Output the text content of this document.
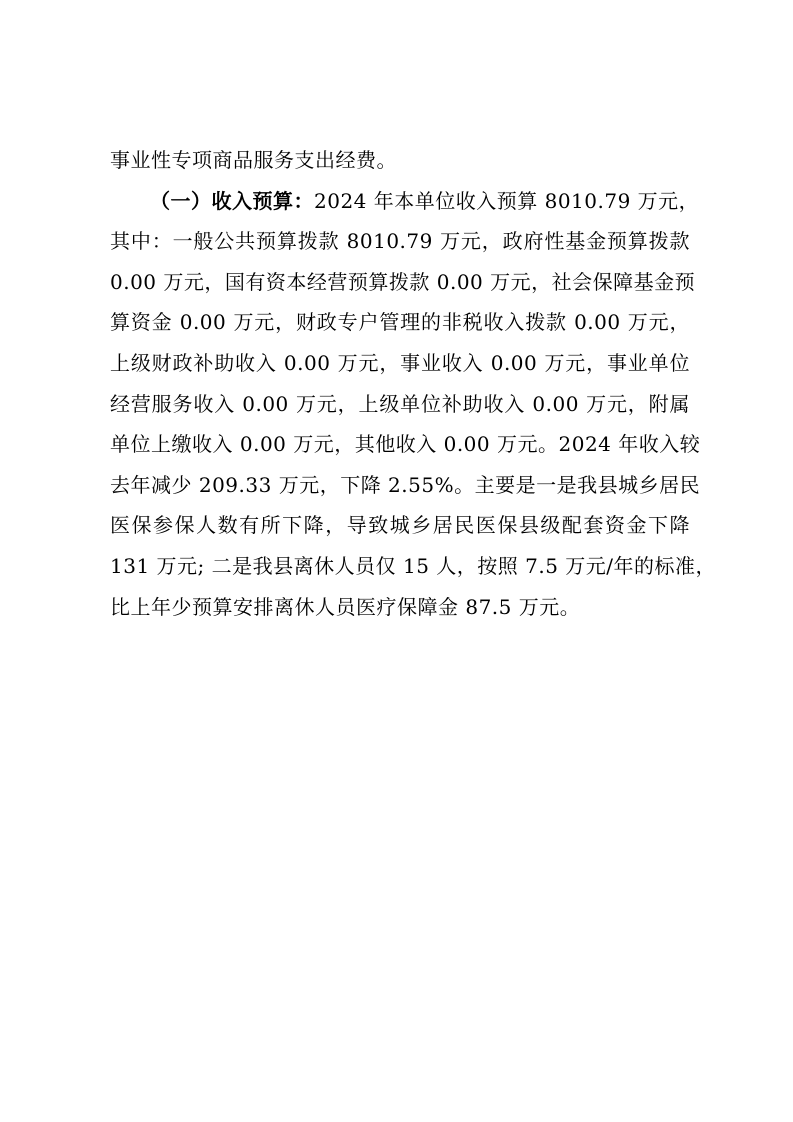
事业性专项商品服务支出经费。
（一）收入预算：2024 年本单位收入预算 8010.79 万元，
其中：一般公共预算拨款 8010.79 万元，政府性基金预算拨款
0.00 万元，国有资本经营预算拨款 0.00 万元，社会保障基金预
算资金 0.00 万元，财政专户管理的非税收入拨款 0.00 万元，
上级财政补助收入 0.00 万元，事业收入 0.00 万元，事业单位
经营服务收入 0.00 万元，上级单位补助收入 0.00 万元，附属
单位上缴收入 0.00 万元，其他收入 0.00 万元。2024 年收入较
去年减少 209.33 万元，下降 2.55%。主要是一是我县城乡居民
医保参保人数有所下降，导致城乡居民医保县级配套资金下降
131 万元; 二是我县离休人员仅 15 人，按照 7.5 万元/年的标准，
比上年少预算安排离休人员医疗保障金 87.5 万元。
